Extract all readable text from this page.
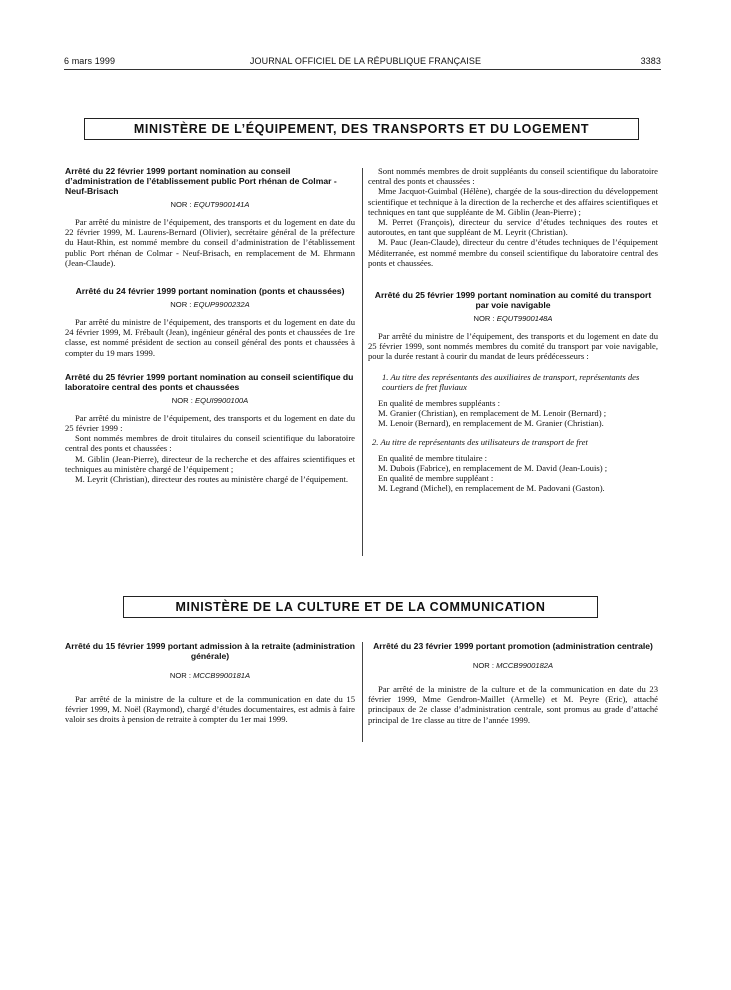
6 mars 1999	JOURNAL OFFICIEL DE LA RÉPUBLIQUE FRANÇAISE	3383
MINISTÈRE DE L’ÉQUIPEMENT, DES TRANSPORTS ET DU LOGEMENT

Arrêté du 22 février 1999 portant nomination au conseil d’administration de l’établissement public Port rhénan de Colmar - Neuf-Brisach

NOR : EQUT9900141A

Par arrêté du ministre de l’équipement, des transports et du logement en date du 22 février 1999, M. Laurens-Bernard (Olivier), secrétaire général de la préfecture du Haut-Rhin, est nommé membre du conseil d’administration de l’établissement public Port rhénan de Colmar - Neuf-Brisach, en remplacement de M. Ehrmann (Jean-Claude).

Arrêté du 24 février 1999 portant nomination (ponts et chaussées)

NOR : EQUP9900232A

Par arrêté du ministre de l’équipement, des transports et du logement en date du 24 février 1999, M. Frébault (Jean), ingénieur général des ponts et chaussées de 1re classe, est nommé président de section au conseil général des ponts et chaussées à compter du 19 mars 1999.

Arrêté du 25 février 1999 portant nomination au conseil scientifique du laboratoire central des ponts et chaussées

NOR : EQUI9900100A

Par arrêté du ministre de l’équipement, des transports et du logement en date du 25 février 1999 :

Sont nommés membres de droit titulaires du conseil scientifique du laboratoire central des ponts et chaussées :

M. Giblin (Jean-Pierre), directeur de la recherche et des affaires scientifiques et techniques au ministère chargé de l’équipement ;

M. Leyrit (Christian), directeur des routes au ministère chargé de l’équipement.

Sont nommés membres de droit suppléants du conseil scientifique du laboratoire central des ponts et chaussées :

Mme Jacquot-Guimbal (Hélène), chargée de la sous-direction du développement scientifique et technique à la direction de la recherche et des affaires scientifiques et techniques en tant que suppléante de M. Giblin (Jean-Pierre) ;

M. Perret (François), directeur du service d’études techniques des routes et autoroutes, en tant que suppléant de M. Leyrit (Christian).

M. Pauc (Jean-Claude), directeur du centre d’études techniques de l’équipement Méditerranée, est nommé membre du conseil scientifique du laboratoire central des ponts et chaussées.

Arrêté du 25 février 1999 portant nomination au comité du transport par voie navigable

NOR : EQUT9900148A

Par arrêté du ministre de l’équipement, des transports et du logement en date du 25 février 1999, sont nommés membres du comité du transport par voie navigable, pour la durée restant à courir du mandat de leurs prédécesseurs :

1. Au titre des représentants des auxiliaires de transport, représentants des courtiers de fret fluviaux

En qualité de membres suppléants :

M. Granier (Christian), en remplacement de M. Lenoir (Bernard) ;

M. Lenoir (Bernard), en remplacement de M. Granier (Christian).

2. Au titre de représentants des utilisateurs de transport de fret

En qualité de membre titulaire :

M. Dubois (Fabrice), en remplacement de M. David (Jean-Louis) ;

En qualité de membre suppléant :

M. Legrand (Michel), en remplacement de M. Padovani (Gaston).

MINISTÈRE DE LA CULTURE ET DE LA COMMUNICATION

Arrêté du 15 février 1999 portant admission à la retraite (administration générale)

NOR : MCCB9900181A

Par arrêté de la ministre de la culture et de la communication en date du 15 février 1999, M. Noël (Raymond), chargé d’études documentaires, est admis à faire valoir ses droits à pension de retraite à compter du 1er mai 1999.

Arrêté du 23 février 1999 portant promotion (administration centrale)

NOR : MCCB9900182A

Par arrêté de la ministre de la culture et de la communication en date du 23 février 1999, Mme Gendron-Maillet (Armelle) et M. Peyre (Eric), attaché principaux de 2e classe d’administration centrale, sont promus au grade d’attaché principal de 1re classe au titre de l’année 1999.
